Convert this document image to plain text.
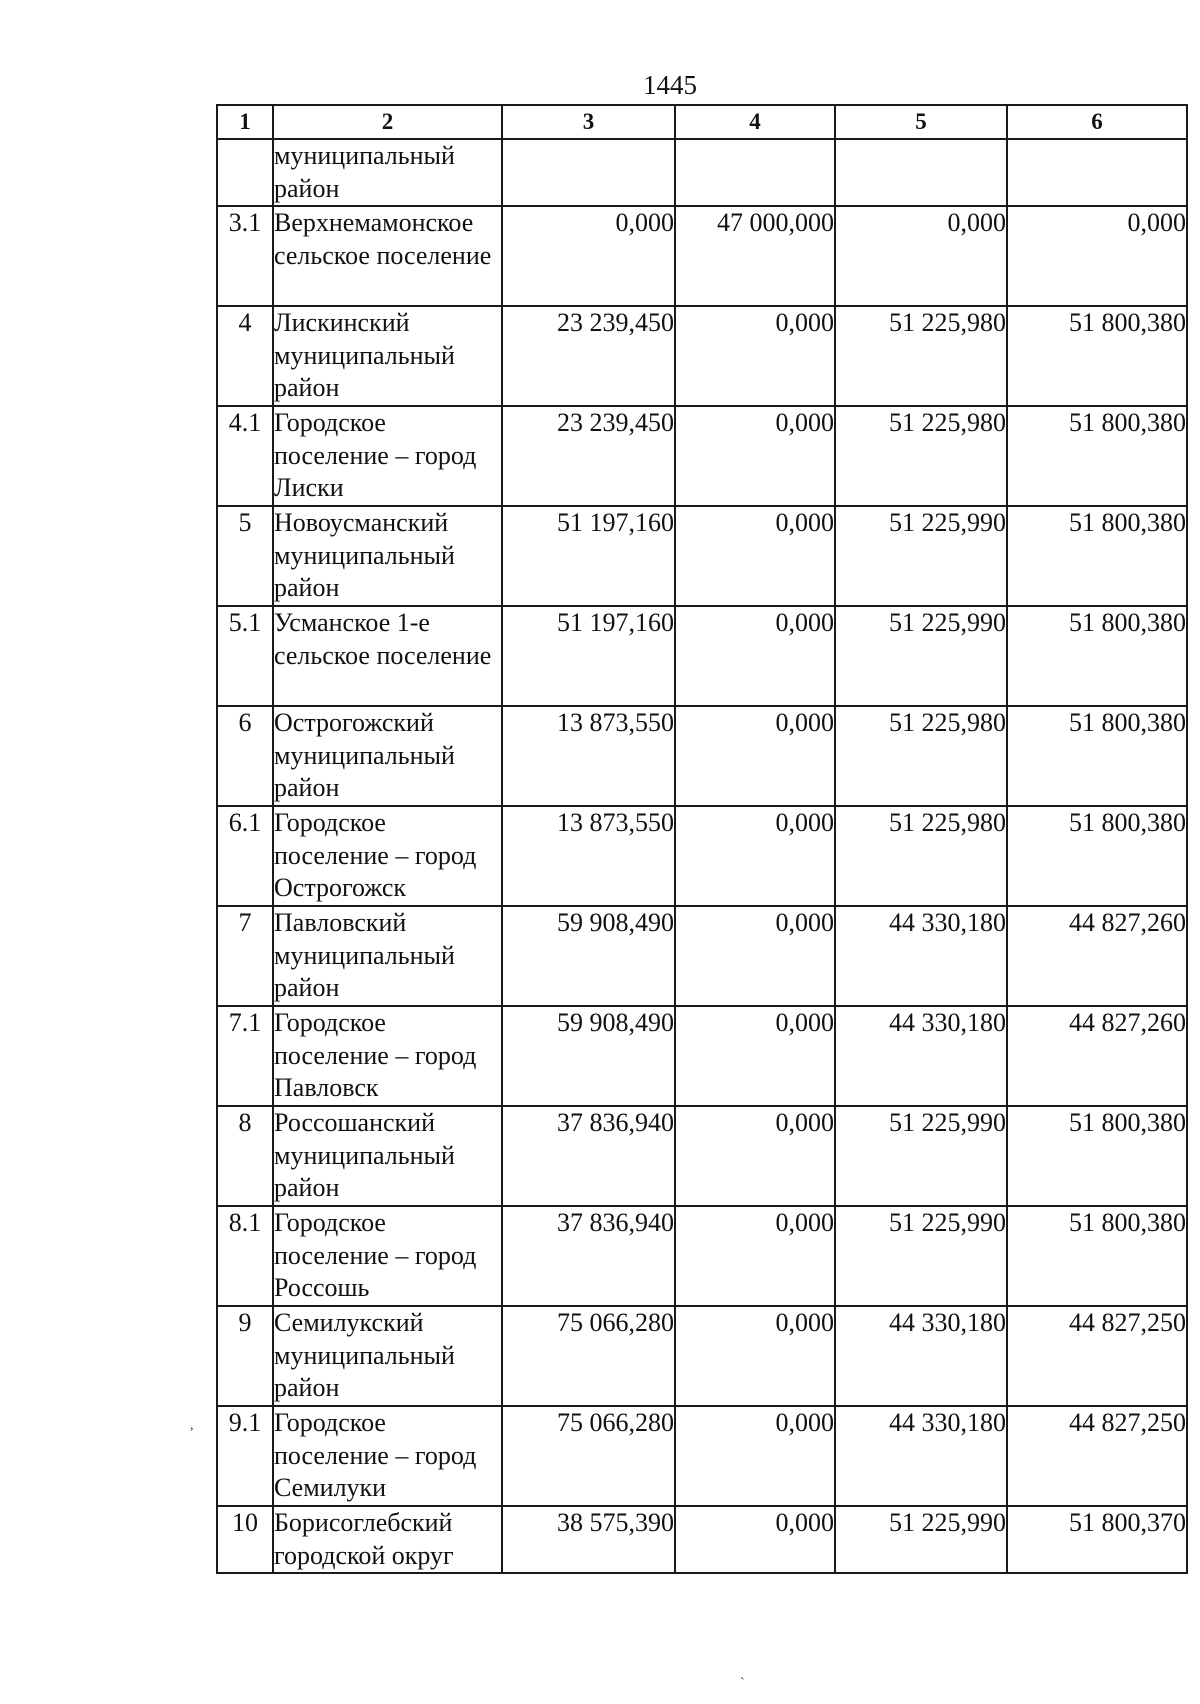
1445
1	2	3	4	5	6
	муниципальный район				
3.1	Верхнемамонское сельское поселение	0,000	47 000,000	0,000	0,000
4	Лискинский муниципальный район	23 239,450	0,000	51 225,980	51 800,380
4.1	Городское поселение – город Лиски	23 239,450	0,000	51 225,980	51 800,380
5	Новоусманский муниципальный район	51 197,160	0,000	51 225,990	51 800,380
5.1	Усманское 1-е сельское поселение	51 197,160	0,000	51 225,990	51 800,380
6	Острогожский муниципальный район	13 873,550	0,000	51 225,980	51 800,380
6.1	Городское поселение – город Острогожск	13 873,550	0,000	51 225,980	51 800,380
7	Павловский муниципальный район	59 908,490	0,000	44 330,180	44 827,260
7.1	Городское поселение – город Павловск	59 908,490	0,000	44 330,180	44 827,260
8	Россошанский муниципальный район	37 836,940	0,000	51 225,990	51 800,380
8.1	Городское поселение – город Россошь	37 836,940	0,000	51 225,990	51 800,380
9	Семилукский муниципальный район	75 066,280	0,000	44 330,180	44 827,250
9.1	Городское поселение – город Семилуки	75 066,280	0,000	44 330,180	44 827,250
10	Борисоглебский городской округ	38 575,390	0,000	51 225,990	51 800,370
,
`
